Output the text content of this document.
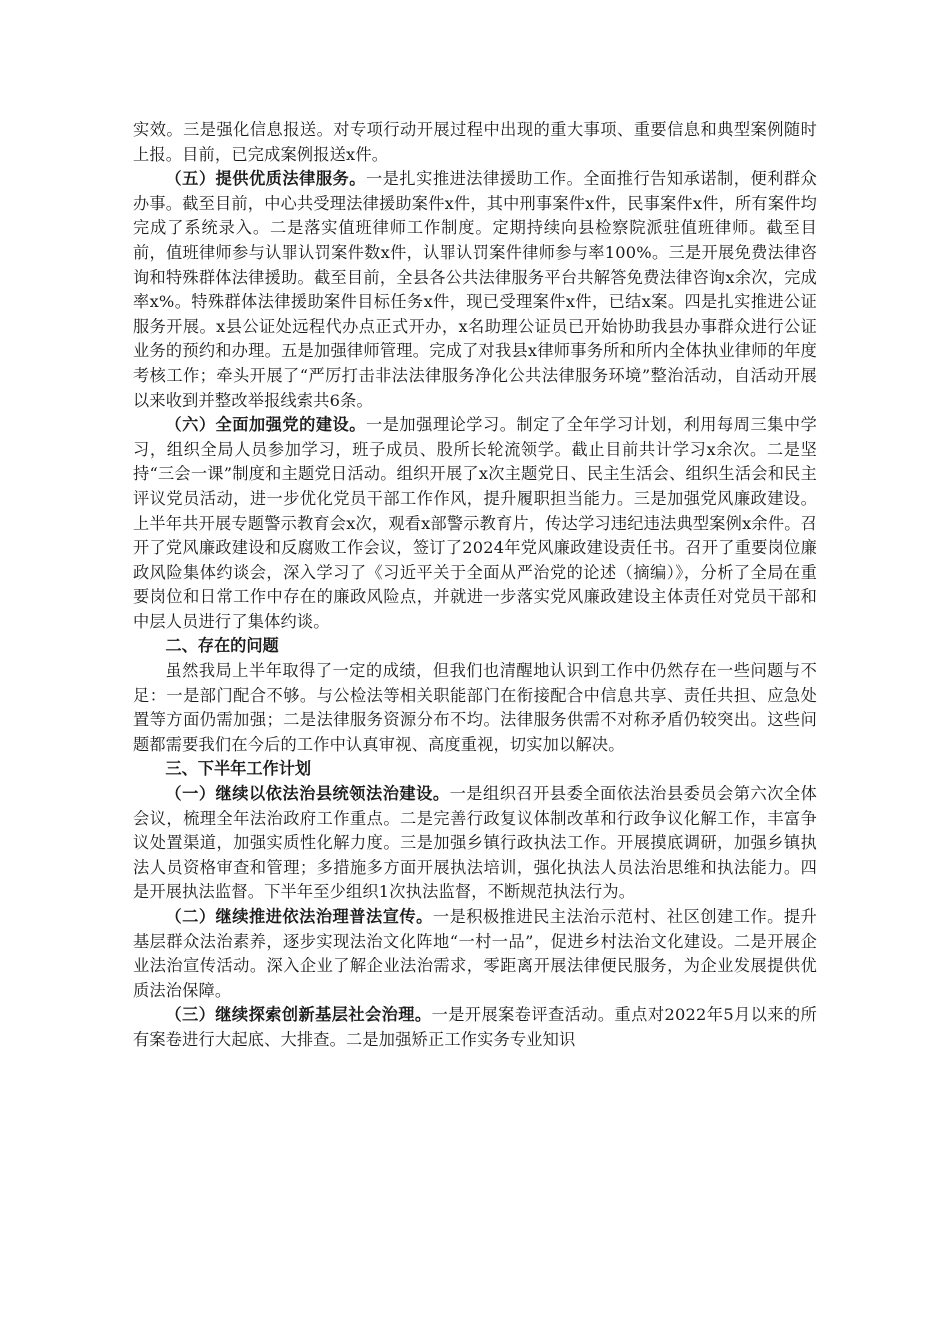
实效。三是强化信息报送。对专项行动开展过程中出现的重大事项、重要信息和典型案例随时上报。目前，已完成案例报送x件。

（五）提供优质法律服务。一是扎实推进法律援助工作。全面推行告知承诺制，便利群众办事。截至目前，中心共受理法律援助案件x件，其中刑事案件x件，民事案件x件，所有案件均完成了系统录入。二是落实值班律师工作制度。定期持续向县检察院派驻值班律师。截至目前，值班律师参与认罪认罚案件数x件，认罪认罚案件律师参与率100%。三是开展免费法律咨询和特殊群体法律援助。截至目前，全县各公共法律服务平台共解答免费法律咨询x余次，完成率x%。特殊群体法律援助案件目标任务x件，现已受理案件x件，已结x案。四是扎实推进公证服务开展。x县公证处远程代办点正式开办，x名助理公证员已开始协助我县办事群众进行公证业务的预约和办理。五是加强律师管理。完成了对我县x律师事务所和所内全体执业律师的年度考核工作；牵头开展了“严厉打击非法法律服务净化公共法律服务环境”整治活动，自活动开展以来收到并整改举报线索共6条。

（六）全面加强党的建设。一是加强理论学习。制定了全年学习计划，利用每周三集中学习，组织全局人员参加学习，班子成员、股所长轮流领学。截止目前共计学习x余次。二是坚持“三会一课”制度和主题党日活动。组织开展了x次主题党日、民主生活会、组织生活会和民主评议党员活动，进一步优化党员干部工作作风，提升履职担当能力。三是加强党风廉政建设。上半年共开展专题警示教育会x次，观看x部警示教育片，传达学习违纪违法典型案例x余件。召开了党风廉政建设和反腐败工作会议，签订了2024年党风廉政建设责任书。召开了重要岗位廉政风险集体约谈会，深入学习了《习近平关于全面从严治党的论述（摘编）》，分析了全局在重要岗位和日常工作中存在的廉政风险点，并就进一步落实党风廉政建设主体责任对党员干部和中层人员进行了集体约谈。

二、存在的问题

虽然我局上半年取得了一定的成绩，但我们也清醒地认识到工作中仍然存在一些问题与不足：一是部门配合不够。与公检法等相关职能部门在衔接配合中信息共享、责任共担、应急处置等方面仍需加强；二是法律服务资源分布不均。法律服务供需不对称矛盾仍较突出。这些问题都需要我们在今后的工作中认真审视、高度重视，切实加以解决。

三、下半年工作计划

（一）继续以依法治县统领法治建设。一是组织召开县委全面依法治县委员会第六次全体会议，梳理全年法治政府工作重点。二是完善行政复议体制改革和行政争议化解工作，丰富争议处置渠道，加强实质性化解力度。三是加强乡镇行政执法工作。开展摸底调研，加强乡镇执法人员资格审查和管理；多措施多方面开展执法培训，强化执法人员法治思维和执法能力。四是开展执法监督。下半年至少组织1次执法监督，不断规范执法行为。

（二）继续推进依法治理普法宣传。一是积极推进民主法治示范村、社区创建工作。提升基层群众法治素养，逐步实现法治文化阵地“一村一品”，促进乡村法治文化建设。二是开展企业法治宣传活动。深入企业了解企业法治需求，零距离开展法律便民服务，为企业发展提供优质法治保障。

（三）继续探索创新基层社会治理。一是开展案卷评查活动。重点对2022年5月以来的所有案卷进行大起底、大排查。二是加强矫正工作实务专业知识
